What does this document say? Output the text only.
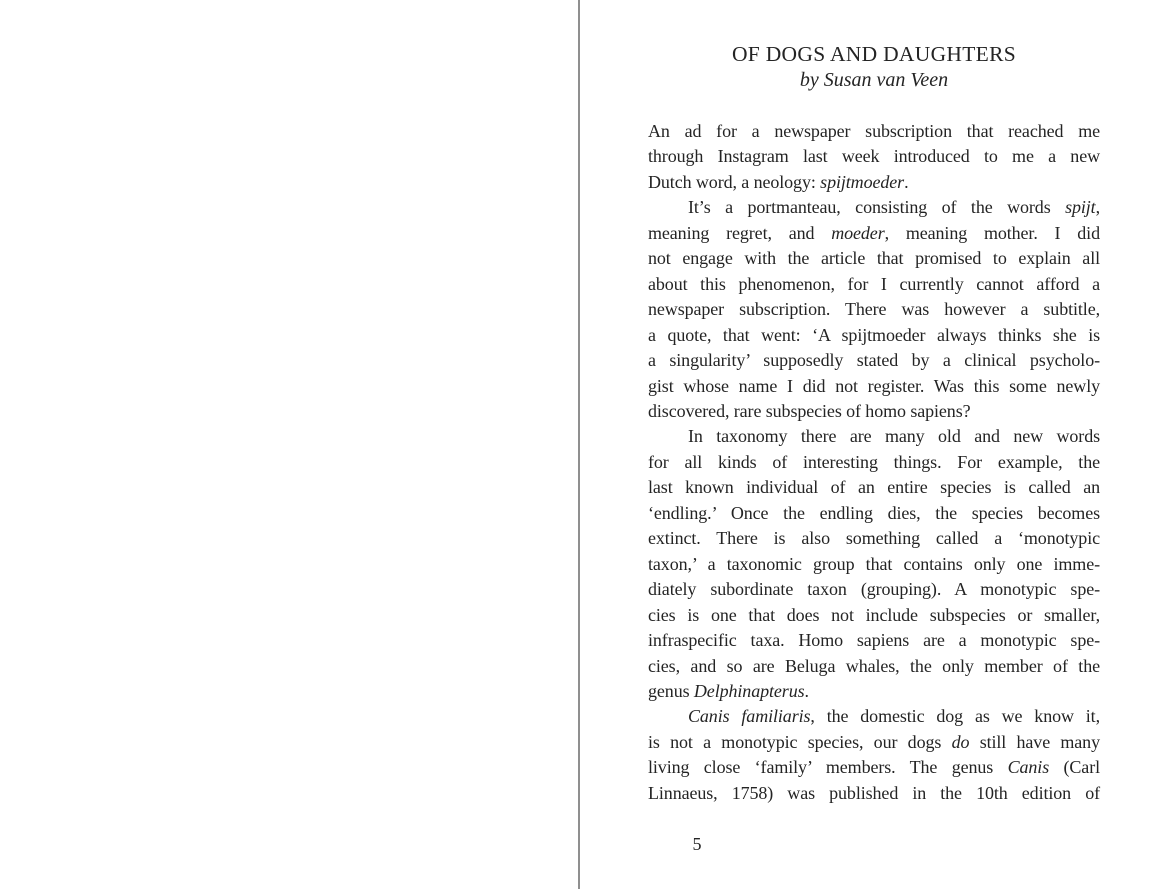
OF DOGS AND DAUGHTERS
by Susan van Veen
An ad for a newspaper subscription that reached me
through Instagram last week introduced to me a new
Dutch word, a neology: spijtmoeder.
It’s a portmanteau, consisting of the words spijt,
meaning regret, and moeder, meaning mother. I did
not engage with the article that promised to explain all
about this phenomenon, for I currently cannot afford a
newspaper subscription. There was however a subtitle,
a quote, that went: ‘A spijtmoeder always thinks she is
a singularity’ supposedly stated by a clinical psycholo-
gist whose name I did not register. Was this some newly
discovered, rare subspecies of homo sapiens?
In taxonomy there are many old and new words
for all kinds of interesting things. For example, the
last known individual of an entire species is called an
‘endling.’ Once the endling dies, the species becomes
extinct. There is also something called a ‘monotypic
taxon,’ a taxonomic group that contains only one imme-
diately subordinate taxon (grouping). A monotypic spe-
cies is one that does not include subspecies or smaller,
infraspecific taxa. Homo sapiens are a monotypic spe-
cies, and so are Beluga whales, the only member of the
genus Delphinapterus.
Canis familiaris, the domestic dog as we know it,
is not a monotypic species, our dogs do still have many
living close ‘family’ members. The genus Canis (Carl
Linnaeus, 1758) was published in the 10th edition of
5
